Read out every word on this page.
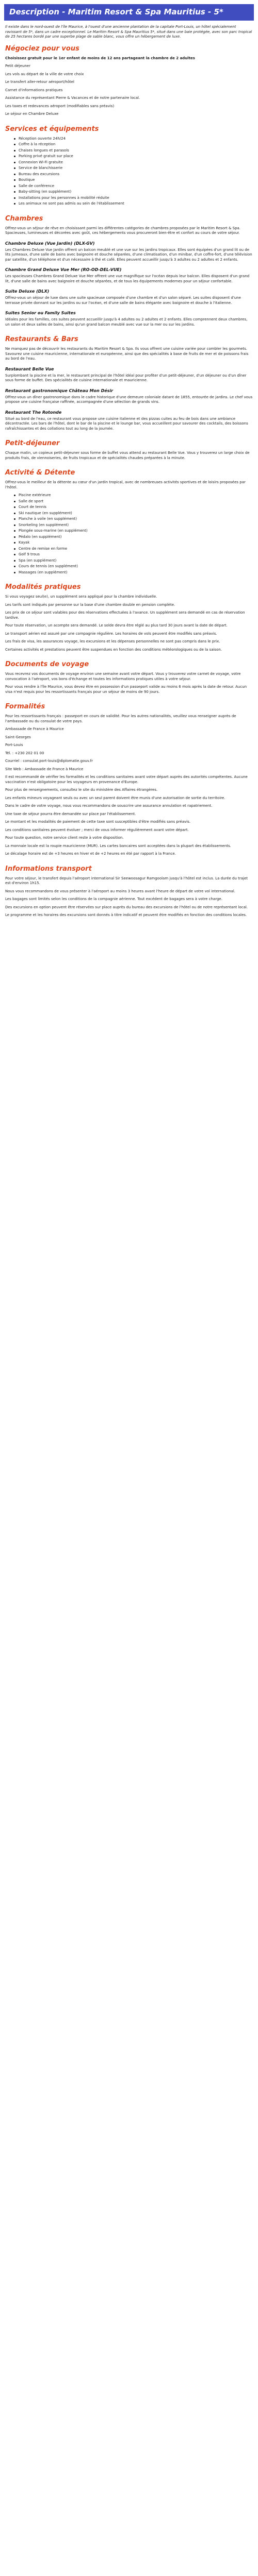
Description - Maritim Resort & Spa Mauritius - 5*

Il existe dans le nord-ouest de l'île Maurice, à l'ouest d'une ancienne plantation de la capitale Port-Louis, un hôtel spécialement ravissant de 5*, dans un cadre exceptionnel. Le Maritim Resort & Spa Mauritius 5*, situé dans une baie protégée, avec son parc tropical de 25 hectares bordé par une superbe plage de sable blanc, vous offre un hébergement de luxe.

Négociez pour vous

Choisissez gratuit pour le 1er enfant de moins de 12 ans partageant la chambre de 2 adultes

Petit déjeuner

Les vols au départ de la ville de votre choix

Le transfert aller-retour aéroport/hôtel

Carnet d'informations pratiques

Assistance du représentant Pierre & Vacances et de notre partenaire local.

Les taxes et redevances aéroport (modifiables sans préavis)

Le séjour en Chambre Deluxe

Services et équipements
Réception ouverte 24h/24
Coffre à la réception
Chaises longues et parasols
Parking privé gratuit sur place
Connexion Wi-Fi gratuite
Service de blanchisserie
Bureau des excursions
Boutique
Salle de conférence
Baby-sitting (en supplément)
Installations pour les personnes à mobilité réduite
Les animaux ne sont pas admis au sein de l'établissement
Chambres

Offrez-vous un séjour de rêve en choisissant parmi les différentes catégories de chambres proposées par le Maritim Resort & Spa. Spacieuses, lumineuses et décorées avec goût, ces hébergements vous procureront bien-être et confort au cours de votre séjour.

Chambre Deluxe (Vue Jardin) (DLX-GV)

Les Chambres Deluxe Vue Jardin offrent un balcon meublé et une vue sur les jardins tropicaux. Elles sont équipées d'un grand lit ou de lits jumeaux, d'une salle de bains avec baignoire et douche séparées, d'une climatisation, d'un minibar, d'un coffre-fort, d'une télévision par satellite, d'un téléphone et d'un nécessaire à thé et café. Elles peuvent accueillir jusqu'à 3 adultes ou 2 adultes et 2 enfants.

Chambre Grand Deluxe Vue Mer (RO-OD-DEL-VUE)

Les spacieuses Chambres Grand Deluxe Vue Mer offrent une vue magnifique sur l'océan depuis leur balcon. Elles disposent d'un grand lit, d'une salle de bains avec baignoire et douche séparées, et de tous les équipements modernes pour un séjour confortable.

Suite Deluxe (DLX)

Offrez-vous un séjour de luxe dans une suite spacieuse composée d'une chambre et d'un salon séparé. Les suites disposent d'une terrasse privée donnant sur les jardins ou sur l'océan, et d'une salle de bains élégante avec baignoire et douche à l'italienne.

Suites Senior ou Family Suites

Idéales pour les familles, ces suites peuvent accueillir jusqu'à 4 adultes ou 2 adultes et 2 enfants. Elles comprennent deux chambres, un salon et deux salles de bains, ainsi qu'un grand balcon meublé avec vue sur la mer ou sur les jardins.

Restaurants & Bars

Ne manquez pas de découvrir les restaurants du Maritim Resort & Spa. Ils vous offrent une cuisine variée pour combler les gourmets. Savourez une cuisine mauricienne, internationale et européenne, ainsi que des spécialités à base de fruits de mer et de poissons frais au bord de l'eau.

Restaurant Belle Vue

Surplombant la piscine et la mer, le restaurant principal de l'hôtel idéal pour profiter d'un petit-déjeuner, d'un déjeuner ou d'un dîner sous forme de buffet. Des spécialités de cuisine internationale et mauricienne.

Restaurant gastronomique Château Mon Désir

Offrez-vous un dîner gastronomique dans le cadre historique d'une demeure coloniale datant de 1855, entourée de jardins. Le chef vous propose une cuisine française raffinée, accompagnée d'une sélection de grands vins.

Restaurant The Rotonde

Situé au bord de l'eau, ce restaurant vous propose une cuisine italienne et des pizzas cuites au feu de bois dans une ambiance décontractée. Les bars de l'hôtel, dont le bar de la piscine et le lounge bar, vous accueillent pour savourer des cocktails, des boissons rafraîchissantes et des collations tout au long de la journée.

Petit-déjeuner

Chaque matin, un copieux petit-déjeuner sous forme de buffet vous attend au restaurant Belle Vue. Vous y trouverez un large choix de produits frais, de viennoiseries, de fruits tropicaux et de spécialités chaudes préparées à la minute.

Activité & Détente

Offrez-vous le meilleur de la détente au cœur d'un jardin tropical, avec de nombreuses activités sportives et de loisirs proposées par l'hôtel.

Piscine extérieure
Salle de sport
Court de tennis
Ski nautique (en supplément)
Planche à voile (en supplément)
Snorkeling (en supplément)
Plongée sous-marine (en supplément)
Pédalo (en supplément)
Kayak
Centre de remise en forme
Golf 9 trous
Spa (en supplément)
Cours de tennis (en supplément)
Massages (en supplément)
Modalités pratiques

Si vous voyagez seul(e), un supplément sera appliqué pour la chambre individuelle.

Les tarifs sont indiqués par personne sur la base d'une chambre double en pension complète.

Les prix de ce séjour sont valables pour des réservations effectuées à l'avance. Un supplément sera demandé en cas de réservation tardive.

Pour toute réservation, un acompte sera demandé. Le solde devra être réglé au plus tard 30 jours avant la date de départ.

Le transport aérien est assuré par une compagnie régulière. Les horaires de vols peuvent être modifiés sans préavis.

Les frais de visa, les assurances voyage, les excursions et les dépenses personnelles ne sont pas compris dans le prix.

Certaines activités et prestations peuvent être suspendues en fonction des conditions météorologiques ou de la saison.

Documents de voyage

Vous recevrez vos documents de voyage environ une semaine avant votre départ. Vous y trouverez votre carnet de voyage, votre convocation à l'aéroport, vos bons d'échange et toutes les informations pratiques utiles à votre séjour.

Pour vous rendre à l'île Maurice, vous devez être en possession d'un passeport valide au moins 6 mois après la date de retour. Aucun visa n'est requis pour les ressortissants français pour un séjour de moins de 90 jours.

Formalités

Pour les ressortissants français : passeport en cours de validité. Pour les autres nationalités, veuillez vous renseigner auprès de l'ambassade ou du consulat de votre pays.

Ambassade de France à Maurice

Saint-Georges

Port-Louis

Tél. : +230 202 01 00

Courriel : consulat.port-louis@diplomatie.gouv.fr

Site Web : Ambassade de France à Maurice

Il est recommandé de vérifier les formalités et les conditions sanitaires avant votre départ auprès des autorités compétentes. Aucune vaccination n'est obligatoire pour les voyageurs en provenance d'Europe.

Pour plus de renseignements, consultez le site du ministère des Affaires étrangères.

Les enfants mineurs voyageant seuls ou avec un seul parent doivent être munis d'une autorisation de sortie du territoire.

Dans le cadre de votre voyage, nous vous recommandons de souscrire une assurance annulation et rapatriement.

Une taxe de séjour pourra être demandée sur place par l'établissement.

Le montant et les modalités de paiement de cette taxe sont susceptibles d'être modifiés sans préavis.

Les conditions sanitaires peuvent évoluer ; merci de vous informer régulièrement avant votre départ.

Pour toute question, notre service client reste à votre disposition.

La monnaie locale est la roupie mauricienne (MUR). Les cartes bancaires sont acceptées dans la plupart des établissements.

Le décalage horaire est de +3 heures en hiver et de +2 heures en été par rapport à la France.

Informations transport

Pour votre séjour, le transfert depuis l'aéroport international Sir Seewoosagur Ramgoolam jusqu'à l'hôtel est inclus. La durée du trajet est d'environ 1h15.

Nous vous recommandons de vous présenter à l'aéroport au moins 3 heures avant l'heure de départ de votre vol international.

Les bagages sont limités selon les conditions de la compagnie aérienne. Tout excédent de bagages sera à votre charge.

Des excursions en option peuvent être réservées sur place auprès du bureau des excursions de l'hôtel ou de notre représentant local.

Le programme et les horaires des excursions sont donnés à titre indicatif et peuvent être modifiés en fonction des conditions locales.
